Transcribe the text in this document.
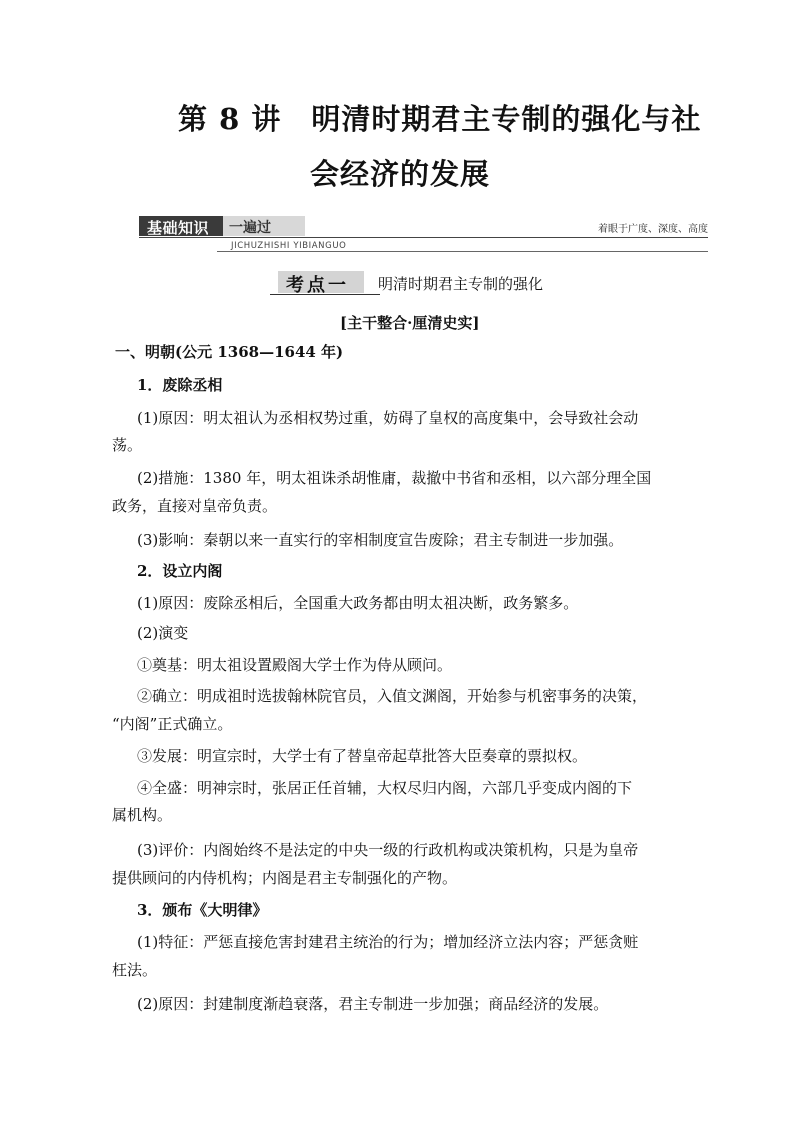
第 8 讲　明清时期君主专制的强化与社
会经济的发展
基础知识 一遍过
JICHUZHISHI YIBIANGUO
着眼于广度、深度、高度
考点一 明清时期君主专制的强化
[主干整合·厘清史实]
一、明朝(公元 1368—1644 年)
1．废除丞相
(1)原因：明太祖认为丞相权势过重，妨碍了皇权的高度集中，会导致社会动
荡。
(2)措施：1380 年，明太祖诛杀胡惟庸，裁撤中书省和丞相，以六部分理全国
政务，直接对皇帝负责。
(3)影响：秦朝以来一直实行的宰相制度宣告废除；君主专制进一步加强。
2．设立内阁
(1)原因：废除丞相后，全国重大政务都由明太祖决断，政务繁多。
(2)演变
①奠基：明太祖设置殿阁大学士作为侍从顾问。
②确立：明成祖时选拔翰林院官员，入值文渊阁，开始参与机密事务的决策，
“内阁”正式确立。
③发展：明宣宗时，大学士有了替皇帝起草批答大臣奏章的票拟权。
④全盛：明神宗时，张居正任首辅，大权尽归内阁，六部几乎变成内阁的下
属机构。
(3)评价：内阁始终不是法定的中央一级的行政机构或决策机构，只是为皇帝
提供顾问的内侍机构；内阁是君主专制强化的产物。
3．颁布《大明律》
(1)特征：严惩直接危害封建君主统治的行为；增加经济立法内容；严惩贪赃
枉法。
(2)原因：封建制度渐趋衰落，君主专制进一步加强；商品经济的发展。
